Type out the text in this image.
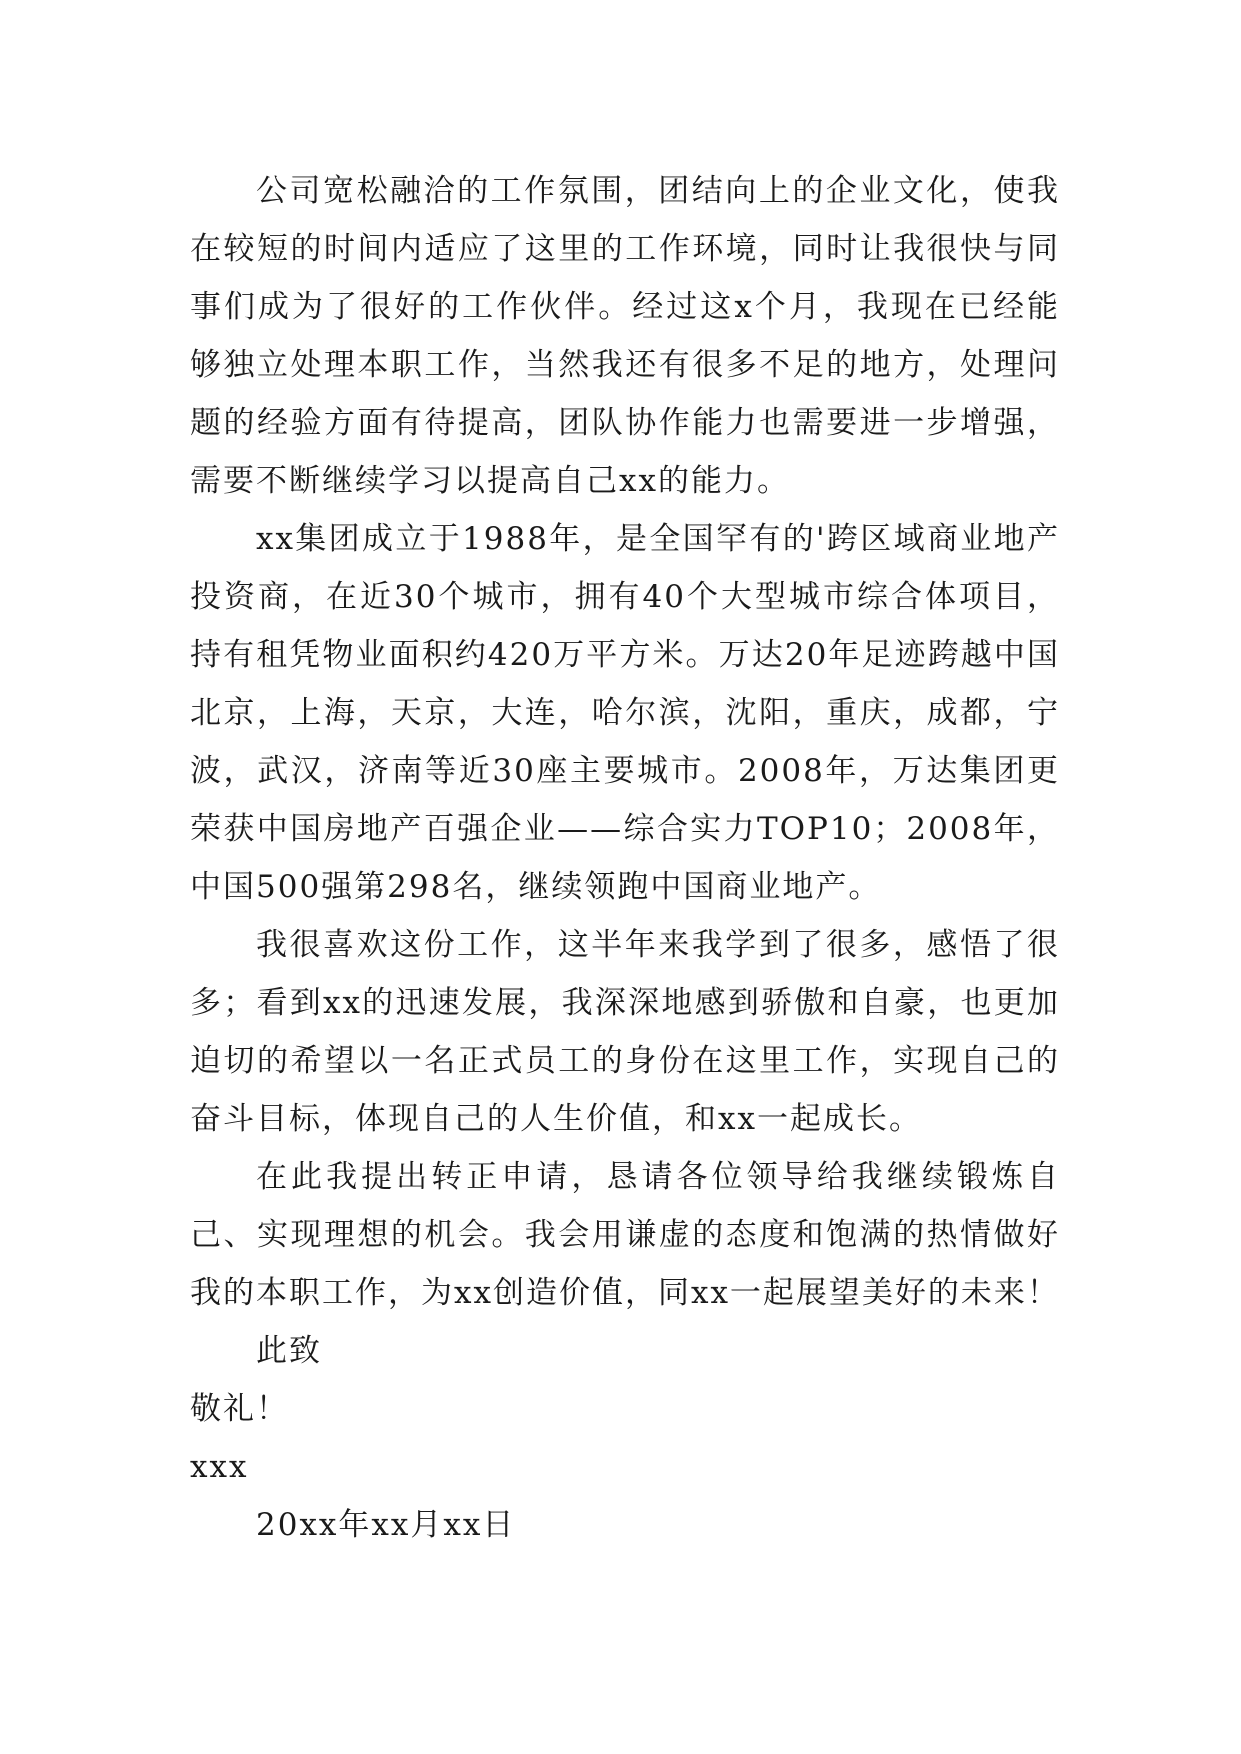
公司宽松融洽的工作氛围，团结向上的企业文化，使我在较短的时间内适应了这里的工作环境，同时让我很快与同事们成为了很好的工作伙伴。经过这x个月，我现在已经能够独立处理本职工作，当然我还有很多不足的地方，处理问题的经验方面有待提高，团队协作能力也需要进一步增强，需要不断继续学习以提高自己xx的能力。

xx集团成立于1988年，是全国罕有的'跨区域商业地产投资商，在近30个城市，拥有40个大型城市综合体项目，持有租凭物业面积约420万平方米。万达20年足迹跨越中国北京，上海，天京，大连，哈尔滨，沈阳，重庆，成都，宁波，武汉，济南等近30座主要城市。2008年，万达集团更荣获中国房地产百强企业——综合实力TOP10；2008年，中国500强第298名，继续领跑中国商业地产。

我很喜欢这份工作，这半年来我学到了很多，感悟了很多；看到xx的迅速发展，我深深地感到骄傲和自豪，也更加迫切的希望以一名正式员工的身份在这里工作，实现自己的奋斗目标，体现自己的人生价值，和xx一起成长。

在此我提出转正申请，恳请各位领导给我继续锻炼自己、实现理想的机会。我会用谦虚的态度和饱满的热情做好我的本职工作，为xx创造价值，同xx一起展望美好的未来！

此致

敬礼！

xxx

20xx年xx月xx日
